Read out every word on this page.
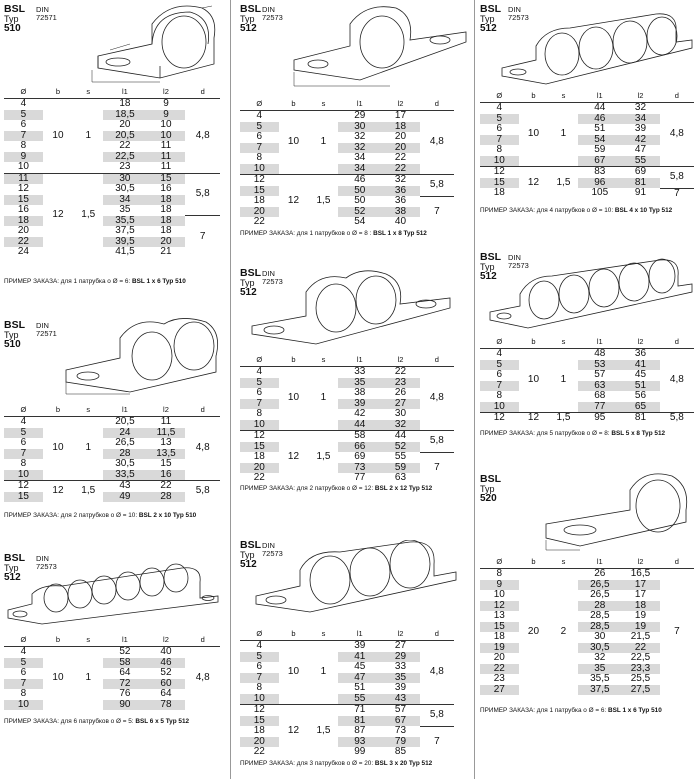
BSL
Typ
510
DIN
72571
Ø	b	s	l1	l2	d
4	10	1	18	9	4,8
5			18,5	9	
6			20	10	
7			20,5	10	
8			22	11	
9			22,5	11	
10			23	11	
11	12	1,5	30	15	5,8
12			30,5	16	
15			34	18	
16			35	18	
18			35,5	18	7
20			37,5	18	
22			39,5	20	
24			41,5	21	
ПРИМЕР ЗАКАЗА: для 1 патрубка о Ø = 6: BSL 1 x 6 Typ 510
BSL
Typ
510
DIN
72571
Ø	b	s	l1	l2	d
4	10	1	20,5	11	4,8
5			24	11,5	
6			26,5	13	
7			28	13,5	
8			30,5	15	
10			33,5	16	
12	12	1,5	43	22	5,8
15			49	28	
ПРИМЕР ЗАКАЗА: для 2 патрубков о Ø = 10: BSL 2 x 10 Typ 510
BSL
Typ
512
DIN
72573
Ø	b	s	l1	l2	d
4	10	1	52	40	4,8
5			58	46	
6			64	52	
7			72	60	
8			76	64	
10			90	78	
ПРИМЕР ЗАКАЗА: для 6 патрубков о Ø = 5: BSL 6 x 5 Typ 512
BSL
Typ
512
DIN
72573
Ø	b	s	l1	l2	d
4	10	1	29	17	4,8
5			30	18	
6			32	20	
7			32	20	
8			34	22	
10			34	22	
12	12	1,5	46	32	5,8
15			50	36	
18			50	36	7
20			52	38	
22			54	40	
ПРИМЕР ЗАКАЗА: для 1 патрубков о Ø = 8 : BSL 1 x 8 Typ 512
BSL
Typ
512
DIN
72573
Ø	b	s	l1	l2	d
4	10	1	33	22	4,8
5			35	23	
6			38	26	
7			39	27	
8			42	30	
10			44	32	
12	12	1,5	58	44	5,8
15			66	52	
18			69	55	7
20			73	59	
22			77	63	
ПРИМЕР ЗАКАЗА: для 2 патрубков о Ø = 12: BSL 2 x 12 Typ 512
BSL
Typ
512
DIN
72573
Ø	b	s	l1	l2	d
4	10	1	39	27	4,8
5			41	29	
6			45	33	
7			47	35	
8			51	39	
10			55	43	
12	12	1,5	71	57	5,8
15			81	67	
18			87	73	7
20			93	79	
22			99	85	
ПРИМЕР ЗАКАЗА: для 3 патрубков о Ø = 20: BSL 3 x 20 Typ 512
BSL
Typ
512
DIN
72573
Ø	b	s	l1	l2	d
4	10	1	44	32	4,8
5			46	34	
6			51	39	
7			54	42	
8			59	47	
10			67	55	
12	12	1,5	83	69	5,8
15			96	81	
18			105	91	7
ПРИМЕР ЗАКАЗА: для 4 патрубков о Ø = 10: BSL 4 x 10 Typ 512
BSL
Typ
512
DIN
72573
Ø	b	s	l1	l2	d
4	10	1	48	36	4,8
5			53	41	
6			57	45	
7			63	51	
8			68	56	
10			77	65	
12	12	1,5	95	81	5,8
ПРИМЕР ЗАКАЗА: для 5 патрубков о Ø = 8: BSL 5 x 8 Typ 512
BSL
Typ
520
Ø	b	s	l1	l2	d
8	20	2	26	16,5	7
9			26,5	17	
10			26,5	17	
12			28	18	
13			28,5	19	
15			28,5	19	
18			30	21,5	
19			30,5	22	
20			32	22,5	
22			35	23,3	
23			35,5	25,5	
27			37,5	27,5	
ПРИМЕР ЗАКАЗА: для 1 патрубка о Ø = 6: BSL 1 x 6 Typ 510
